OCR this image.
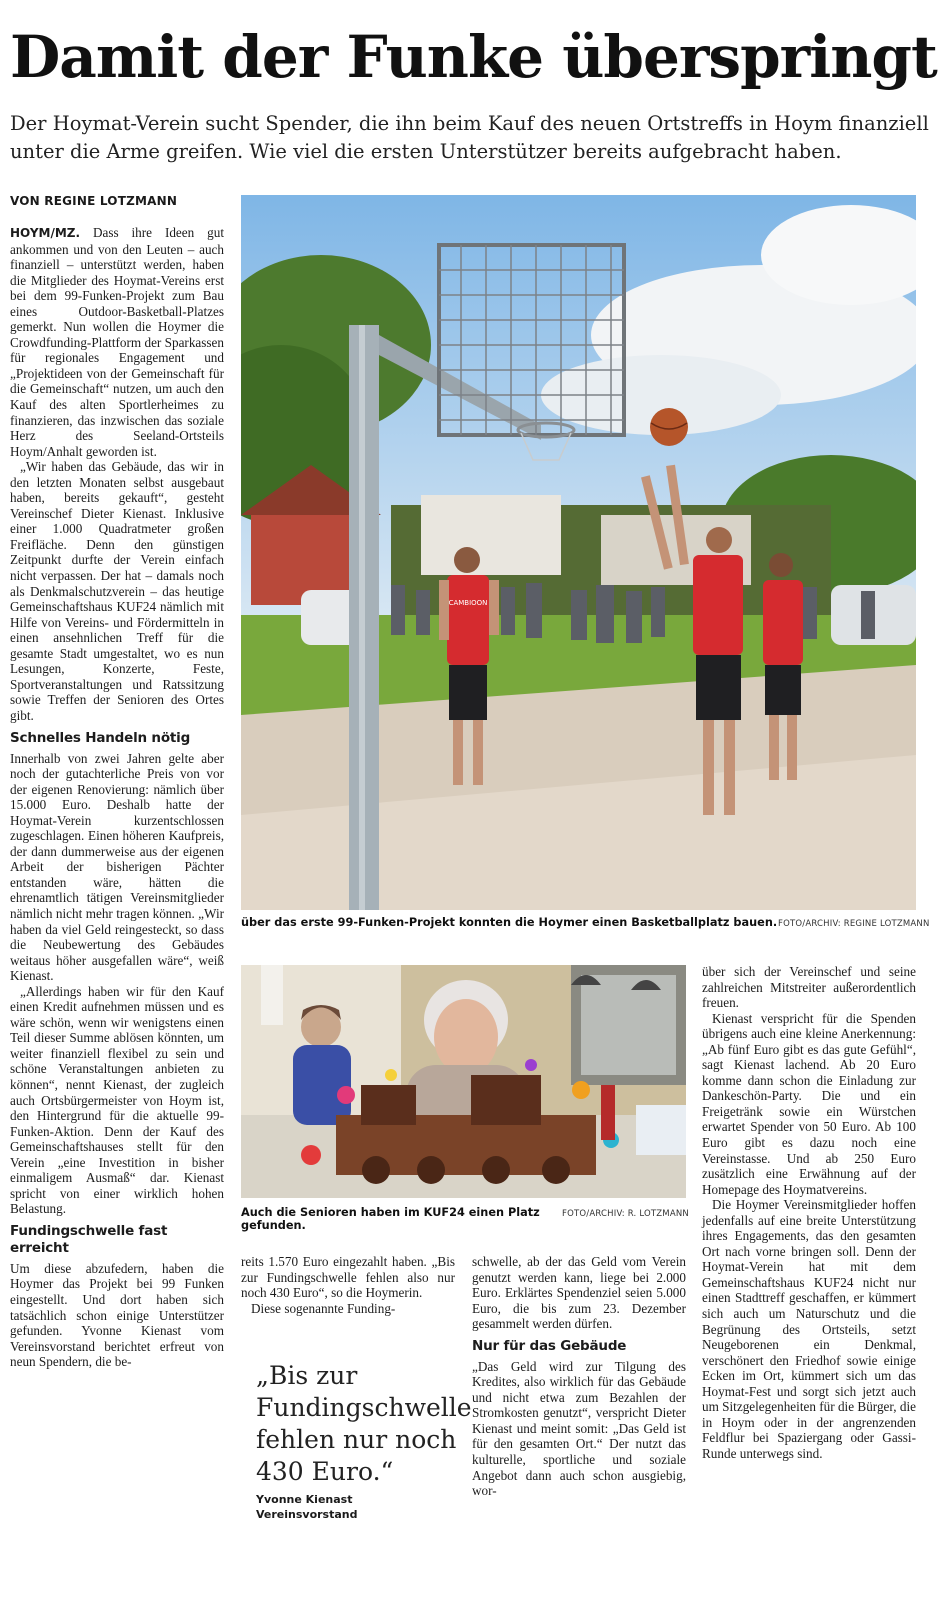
Damit der Funke überspringt
Der Hoymat-Verein sucht Spender, die ihn beim Kauf des neuen Ortstreffs in Hoym finanziell unter die Arme greifen. Wie viel die ersten Unterstützer bereits aufgebracht haben.
VON REGINE LOTZMANN

HOYM/MZ. Dass ihre Ideen gut ankommen und von den Leuten – auch finanziell – unterstützt werden, haben die Mitglieder des Hoymat-Vereins erst bei dem 99-Funken-Projekt zum Bau eines Outdoor-Basketball-Platzes gemerkt. Nun wollen die Hoymer die Crowdfunding-Plattform der Sparkassen für regionales Engagement und „Projektideen von der Gemeinschaft für die Gemeinschaft“ nutzen, um auch den Kauf des alten Sportlerheimes zu finanzieren, das inzwischen das soziale Herz des Seeland-Ortsteils Hoym/Anhalt geworden ist.

„Wir haben das Gebäude, das wir in den letzten Monaten selbst ausgebaut haben, bereits gekauft“, gesteht Vereinschef Dieter Kienast. Inklusive einer 1.000 Quadratmeter großen Freifläche. Denn den günstigen Zeitpunkt durfte der Verein einfach nicht verpassen. Der hat – damals noch als Denkmalschutzverein – das heutige Gemeinschaftshaus KUF24 nämlich mit Hilfe von Vereins- und Fördermitteln in einen ansehnlichen Treff für die gesamte Stadt umgestaltet, wo es nun Lesungen, Konzerte, Feste, Sportveranstaltungen und Ratssitzung sowie Treffen der Senioren des Ortes gibt.

Schnelles Handeln nötig

Innerhalb von zwei Jahren gelte aber noch der gutachterliche Preis von vor der eigenen Renovierung: nämlich über 15.000 Euro. Deshalb hatte der Hoymat-Verein kurzentschlossen zugeschlagen. Einen höheren Kaufpreis, der dann dummerweise aus der eigenen Arbeit der bisherigen Pächter entstanden wäre, hätten die ehrenamtlich tätigen Vereinsmitglieder nämlich nicht mehr tragen können. „Wir haben da viel Geld reingesteckt, so dass die Neubewertung des Gebäudes weitaus höher ausgefallen wäre“, weiß Kienast.

„Allerdings haben wir für den Kauf einen Kredit aufnehmen müssen und es wäre schön, wenn wir wenigstens einen Teil dieser Summe ablösen könnten, um weiter finanziell flexibel zu sein und schöne Veranstaltungen anbieten zu können“, nennt Kienast, der zugleich auch Ortsbürgermeister von Hoym ist, den Hintergrund für die aktuelle 99-Funken-Aktion. Denn der Kauf des Gemeinschaftshauses stellt für den Verein „eine Investition in bisher einmaligem Ausmaß“ dar. Kienast spricht von einer wirklich hohen Belastung.

Fundingschwelle fast erreicht

Um diese abzufedern, haben die Hoymer das Projekt bei 99 Funken eingestellt. Und dort haben sich tatsächlich schon einige Unterstützer gefunden. Yvonne Kienast vom Vereinsvorstand berichtet erfreut von neun Spendern, die be-

CAMBIOON
über das erste 99-Funken-Projekt konnten die Hoymer einen Basketballplatz bauen. FOTO/ARCHIV: REGINE LOTZMANN
Auch die Senioren haben im KUF24 einen Platz gefunden.
FOTO/ARCHIV: R. LOTZMANN

reits 1.570 Euro eingezahlt haben. „Bis zur Fundingschwelle fehlen also nur noch 430 Euro“, so die Hoymerin.

Diese sogenannte Funding-

„Bis zur Fundingschwelle fehlen nur noch 430 Euro.“
Yvonne Kienast
Vereinsvorstand

schwelle, ab der das Geld vom Verein genutzt werden kann, liege bei 2.000 Euro. Erklärtes Spendenziel seien 5.000 Euro, die bis zum 23. Dezember gesammelt werden dürfen.

Nur für das Gebäude

„Das Geld wird zur Tilgung des Kredites, also wirklich für das Gebäude und nicht etwa zum Bezahlen der Stromkosten genutzt“, verspricht Dieter Kienast und meint somit: „Das Geld ist für den gesamten Ort.“ Der nutzt das kulturelle, sportliche und soziale Angebot dann auch schon ausgiebig, wor-

über sich der Vereinschef und seine zahlreichen Mitstreiter außerordentlich freuen.

Kienast verspricht für die Spenden übrigens auch eine kleine Anerkennung: „Ab fünf Euro gibt es das gute Gefühl“, sagt Kienast lachend. Ab 20 Euro komme dann schon die Einladung zur Dankeschön-Party. Die und ein Freigetränk sowie ein Würstchen erwartet Spender von 50 Euro. Ab 100 Euro gibt es dazu noch eine Vereinstasse. Und ab 250 Euro zusätzlich eine Erwähnung auf der Homepage des Hoymatvereins.

Die Hoymer Vereinsmitglieder hoffen jedenfalls auf eine breite Unterstützung ihres Engagements, das den gesamten Ort nach vorne bringen soll. Denn der Hoymat-Verein hat mit dem Gemeinschaftshaus KUF24 nicht nur einen Stadttreff geschaffen, er kümmert sich auch um Naturschutz und die Begrünung des Ortsteils, setzt Neugeborenen ein Denkmal, verschönert den Friedhof sowie einige Ecken im Ort, kümmert sich um das Hoymat-Fest und sorgt sich jetzt auch um Sitzgelegenheiten für die Bürger, die in Hoym oder in der angrenzenden Feldflur bei Spaziergang oder Gassi-Runde unterwegs sind.
